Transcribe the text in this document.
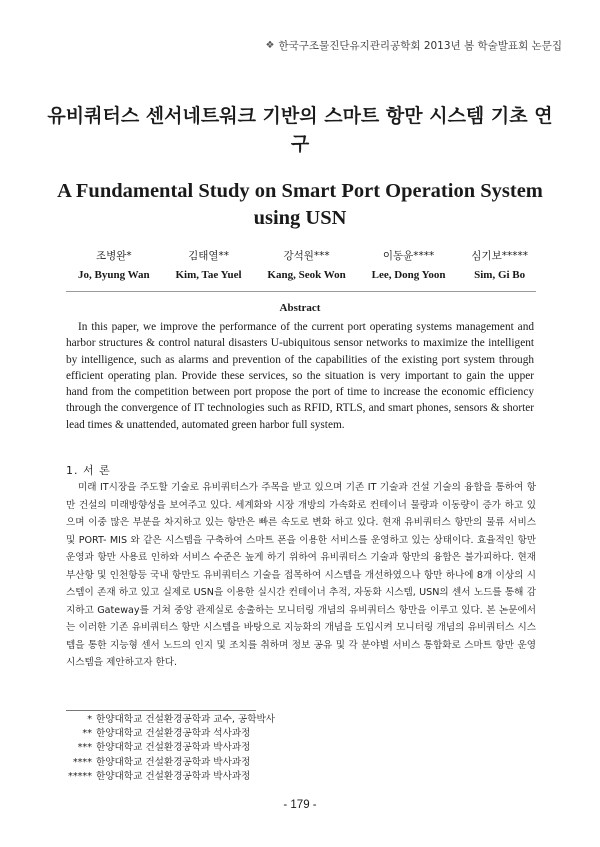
❖ 한국구조물진단유지관리공학회 2013년 봄 학술발표회 논문집
유비쿼터스 센서네트워크 기반의 스마트 항만 시스템 기초 연구
A Fundamental Study on Smart Port Operation System using USN
조병완*
Jo, Byung Wan
김태열**
Kim, Tae Yuel
강석원***
Kang, Seok Won
이동윤****
Lee, Dong Yoon
심기보*****
Sim, Gi Bo
Abstract

In this paper, we improve the performance of the current port operating systems management and harbor structures & control natural disasters U-ubiquitous sensor networks to maximize the intelligent by intelligence, such as alarms and prevention of the capabilities of the existing port system through efficient operating plan. Provide these services, so the situation is very important to gain the upper hand from the competition between port propose the port of time to increase the economic efficiency through the convergence of IT technologies such as RFID, RTLS, and smart phones, sensors & shorter lead times & unattended, automated green harbor full system.

1. 서 론

미래 IT시장을 주도할 기술로 유비쿼터스가 주목을 받고 있으며 기존 IT 기술과 건설 기술의 융합을 통하여 항만 건설의 미래방향성을 보여주고 있다. 세계화와 시장 개방의 가속화로 컨테이너 물량과 이동량이 증가 하고 있으며 이중 많은 부분을 차지하고 있는 항만은 빠른 속도로 변화 하고 있다. 현재 유비쿼터스 항만의 물류 서비스 및 PORT- MIS 와 같은 시스템을 구축하여 스마트 폰을 이용한 서비스를 운영하고 있는 상태이다. 효율적인 항만 운영과 항만 사용료 인하와 서비스 수준은 높게 하기 위하여 유비쿼터스 기술과 항만의 융합은 불가피하다. 현재 부산항 및 인천항등 국내 항만도 유비쿼터스 기술을 접목하여 시스템을 개선하였으나 항만 하나에 8개 이상의 시스템이 존재 하고 있고 실제로 USN을 이용한 실시간 컨테이너 추적, 자동화 시스템, USN의 센서 노드를 통해 감지하고 Gateway를 거쳐 중앙 관제실로 송출하는 모니터링 개념의 유비쿼터스 항만을 이루고 있다. 본 논문에서는 이러한 기존 유비쿼터스 항만 시스템을 바탕으로 지능화의 개념을 도입시켜 모니터링 개념의 유비쿼터스 시스템을 통한 지능형 센서 노드의 인지 및 조치를 취하며 정보 공유 및 각 분야별 서비스 통합화로 스마트 항만 운영시스템을 제안하고자 한다.

* 한양대학교 건설환경공학과 교수, 공학박사
** 한양대학교 건설환경공학과 석사과정
*** 한양대학교 건설환경공학과 박사과정
**** 한양대학교 건설환경공학과 박사과정
***** 한양대학교 건설환경공학과 박사과정
- 179 -
